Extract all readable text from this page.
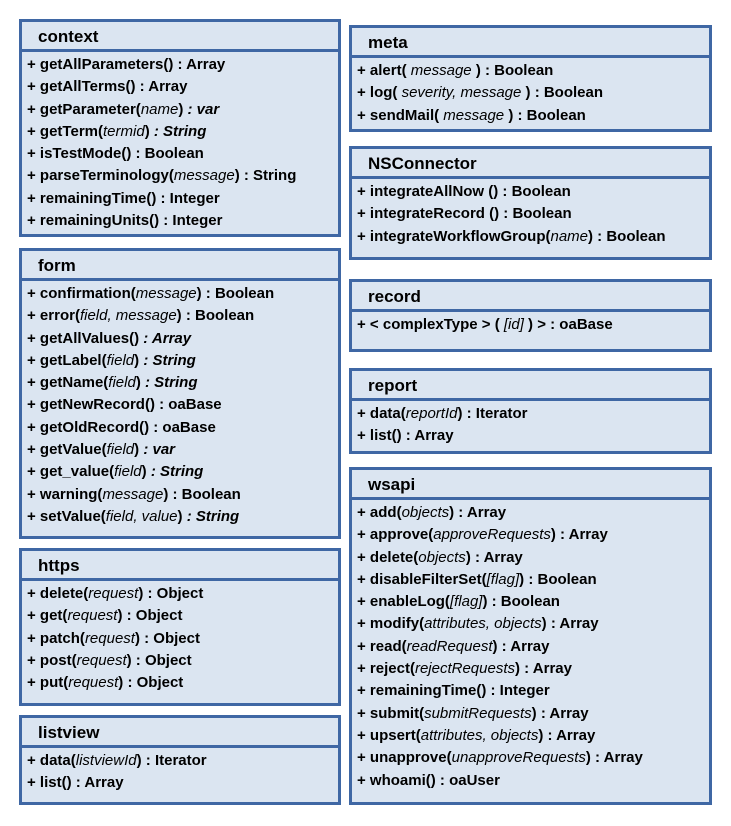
context
+ getAllParameters() : Array
+ getAllTerms() : Array
+ getParameter(name) : var
+ getTerm(termid) : String
+ isTestMode() : Boolean
+ parseTerminology(message) : String
+ remainingTime() : Integer
+ remainingUnits() : Integer
form
+ confirmation(message) : Boolean
+ error(field, message) : Boolean
+ getAllValues() : Array
+ getLabel(field) : String
+ getName(field) : String
+ getNewRecord() : oaBase
+ getOldRecord() : oaBase
+ getValue(field) : var
+ get_value(field) : String
+ warning(message) : Boolean
+ setValue(field, value) : String
https
+ delete(request) : Object
+ get(request) : Object
+ patch(request) : Object
+ post(request) : Object
+ put(request) : Object
listview
+ data(listviewId) : Iterator
+ list() : Array
meta
+ alert( message ) : Boolean
+ log( severity, message ) : Boolean
+ sendMail( message ) : Boolean
NSConnector
+ integrateAllNow () : Boolean
+ integrateRecord () : Boolean
+ integrateWorkflowGroup(name) : Boolean
record
+ < complexType > ( [id] ) > : oaBase
report
+ data(reportId) : Iterator
+ list() : Array
wsapi
+ add(objects) : Array
+ approve(approveRequests) : Array
+ delete(objects) : Array
+ disableFilterSet([flag]) : Boolean
+ enableLog([flag]) : Boolean
+ modify(attributes, objects) : Array
+ read(readRequest) : Array
+ reject(rejectRequests) : Array
+ remainingTime() : Integer
+ submit(submitRequests) : Array
+ upsert(attributes, objects) : Array
+ unapprove(unapproveRequests) : Array
+ whoami() : oaUser
